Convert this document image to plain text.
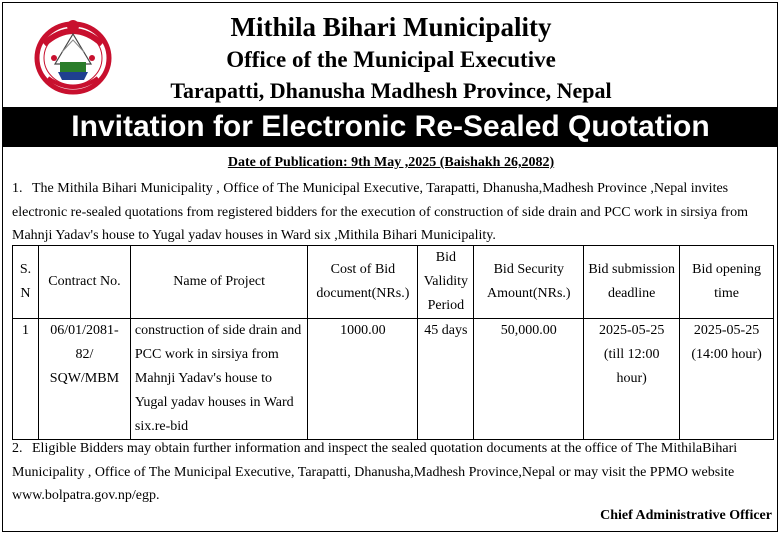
Mithila Bihari Municipality
Office of the Municipal Executive
Tarapatti, Dhanusha Madhesh Province, Nepal
Invitation for Electronic Re-Sealed Quotation
Date of Publication: 9th May ,2025 (Baishakh 26,2082)
1. The Mithila Bihari Municipality , Office of The Municipal Executive, Tarapatti, Dhanusha,Madhesh Province ,Nepal invites electronic re-sealed quotations from registered bidders for the execution of construction of side drain and PCC work in sirsiya from Mahnji Yadav's house to Yugal yadav houses in Ward six ,Mithila Bihari Municipality.
S. N	Contract No.	Name of Project	Cost of Bid document(NRs.)	Bid Validity Period	Bid Security Amount(NRs.)	Bid submission deadline	Bid opening time
1	06/01/2081-82/ SQW/MBM	construction of side drain and PCC work in sirsiya from Mahnji Yadav's house to Yugal yadav houses in Ward six.re-bid	1000.00	45 days	50,000.00	2025-05-25 (till 12:00 hour)	2025-05-25 (14:00 hour)
2. Eligible Bidders may obtain further information and inspect the sealed quotation documents at the office of The MithilaBihari Municipality , Office of The Municipal Executive, Tarapatti, Dhanusha,Madhesh Province,Nepal or may visit the PPMO website www.bolpatra.gov.np/egp.
Chief Administrative Officer
